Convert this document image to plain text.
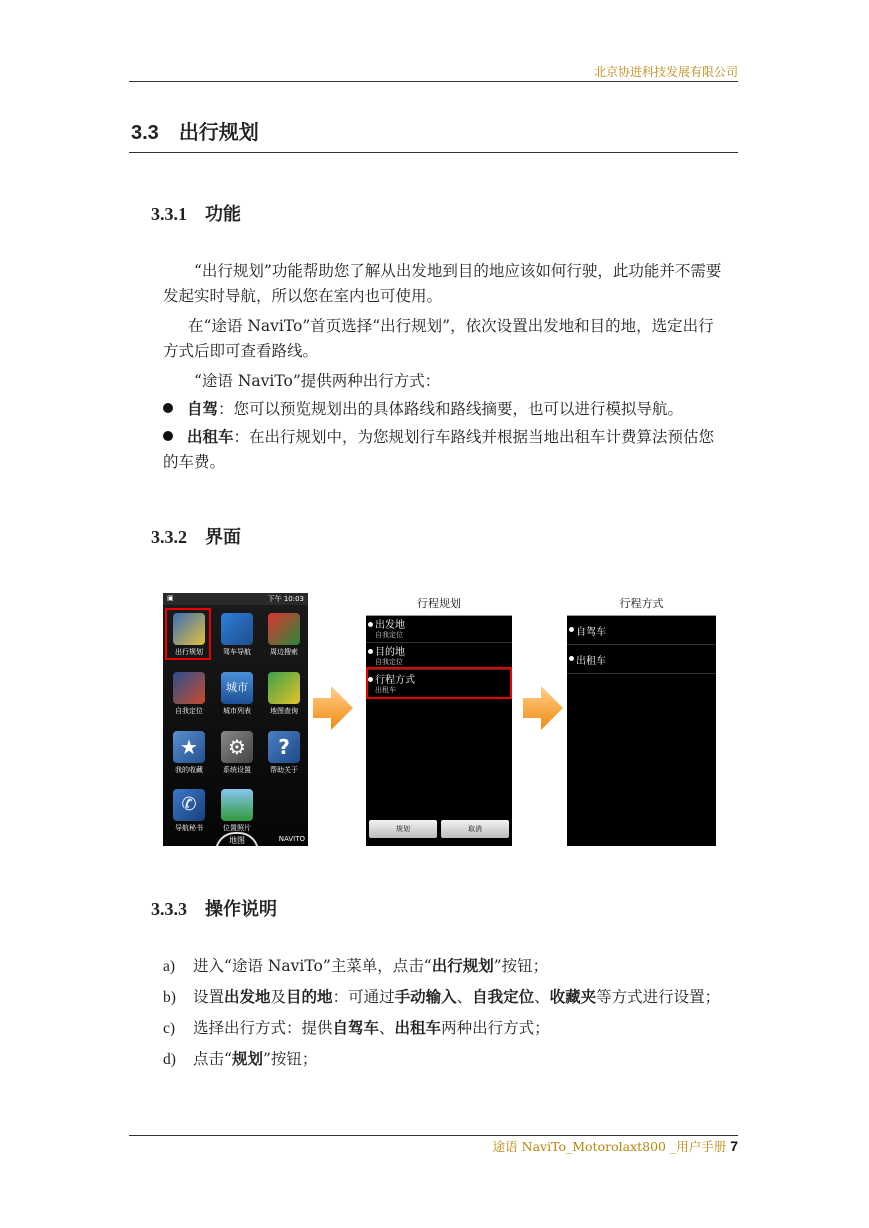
北京协进科技发展有限公司
3.3 出行规划
3.3.1 功能

“出行规划”功能帮助您了解从出发地到目的地应该如何行驶，此功能并不需要发起实时导航，所以您在室内也可使用。

在“途语 NaviTo”首页选择“出行规划”，依次设置出发地和目的地，选定出行方式后即可查看路线。

“途语 NaviTo”提供两种出行方式：

自驾：您可以预览规划出的具体路线和路线摘要，也可以进行模拟导航。

出租车：在出行规划中，为您规划行车路线并根据当地出租车计费算法预估您的车费。

3.3.2 界面
▣	下午 10:03
出行规划	驾车导航	周边搜索
自我定位
城市
城市列表	地图查询
★
我的收藏
⚙
系统设置
?
帮助关于
✆
导航秘书	位置照片
地图	NAVITO
行程规划
出发地
自我定位
目的地
自我定位
行程方式
出租车
规划	取消
行程方式
自驾车
出租车
3.3.3 操作说明

a) 进入“途语 NaviTo”主菜单，点击“出行规划”按钮；

b) 设置出发地及目的地：可通过手动输入、自我定位、收藏夹等方式进行设置；

c) 选择出行方式：提供自驾车、出租车两种出行方式；

d) 点击“规划”按钮；

途语 NaviTo_Motorolaxt800 _用户手册 7
